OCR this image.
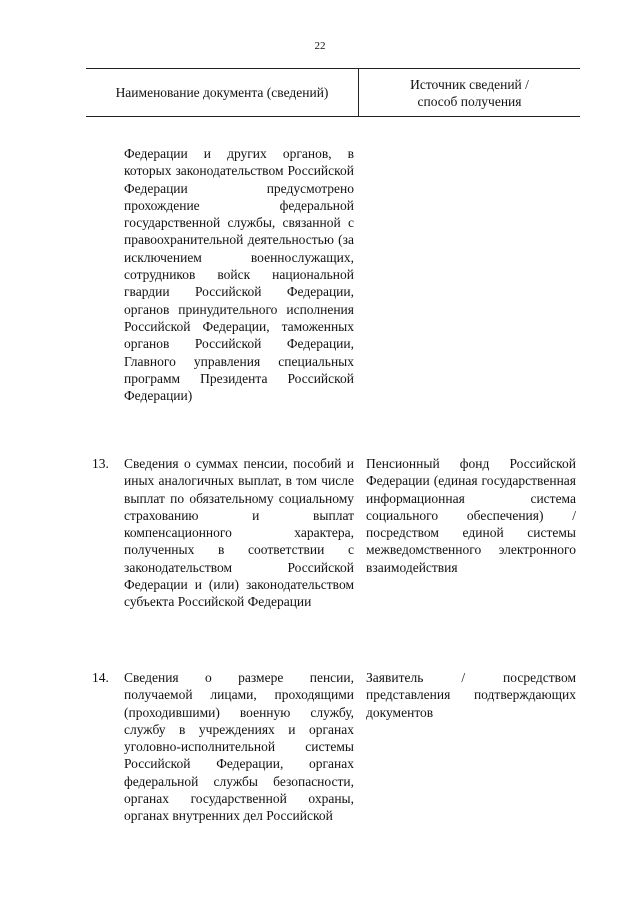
22
Наименование документа (сведений)
Источник сведений /
способ получения
Федерации и других органов, в которых законодательством Российской Федерации предусмотрено прохождение федеральной государственной службы, связанной с правоохранительной деятельностью (за исключением военнослужащих, сотрудников войск национальной гвардии Российской Федерации, органов принудительного исполнения Российской Федерации, таможенных органов Российской Федерации, Главного управления специальных программ Президента Российской Федерации)
13. Сведения о суммах пенсии, пособий и иных аналогичных выплат, в том числе выплат по обязательному социальному страхованию и выплат компенсационного характера, полученных в соответствии с законодательством Российской Федерации и (или) законодательством субъекта Российской Федерации
Пенсионный фонд Российской Федерации (единая государственная информационная система социального обеспечения) / посредством единой системы межведомственного электронного взаимодействия
14. Сведения о размере пенсии, получаемой лицами, проходящими (проходившими) военную службу, службу в учреждениях и органах уголовно-исполнительной системы Российской Федерации, органах федеральной службы безопасности, органах государственной охраны, органах внутренних дел Российской
Заявитель / посредством представления подтверждающих документов
